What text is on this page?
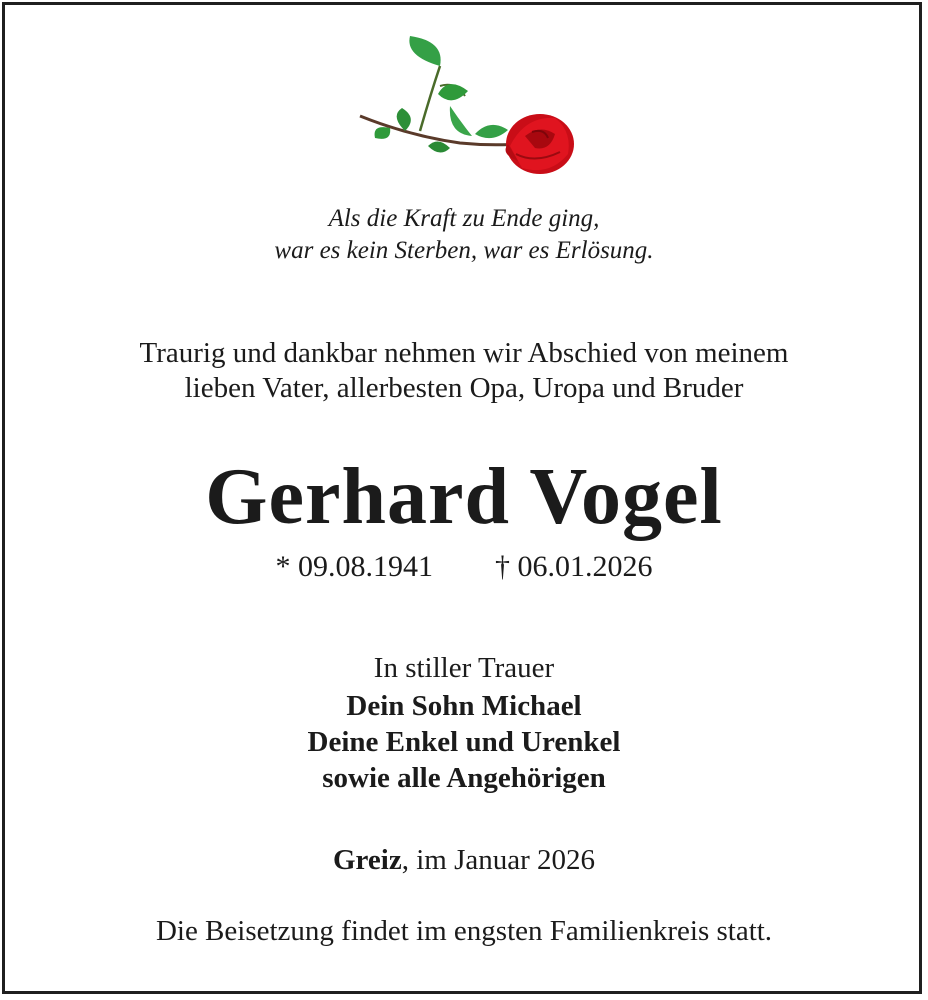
Als die Kraft zu Ende ging,
war es kein Sterben, war es Erlösung.
Traurig und dankbar nehmen wir Abschied von meinem
lieben Vater, allerbesten Opa, Uropa und Bruder
Gerhard Vogel
* 09.08.1941 † 06.01.2026
In stiller Trauer
Dein Sohn Michael
Deine Enkel und Urenkel
sowie alle Angehörigen
Greiz, im Januar 2026
Die Beisetzung findet im engsten Familienkreis statt.
